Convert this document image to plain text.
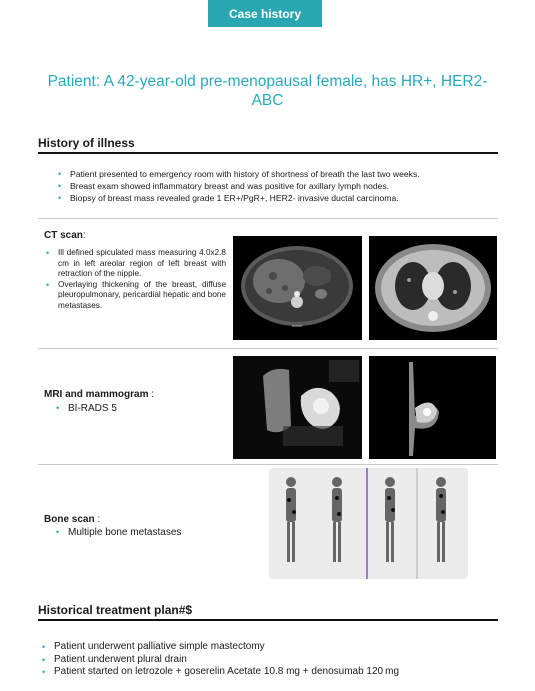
Case history
Patient: A 42-year-old pre-menopausal female, has HR+, HER2- ABC
History of illness
• Patient presented to emergency room with history of shortness of breath the last two weeks.
• Breast exam showed inflammatory breast and was positive for axillary lymph nodes.
• Biopsy of breast mass revealed grade 1 ER+/PgR+, HER2- invasive ductal carcinoma.
CT scan:
• Ill defined spiculated mass measuring 4.0x2.8 cm in left areolar region of left breast with retraction of the nipple.
• Overlaying thickening of the breast, diffuse pleuropulmonary, pericardial hepatic and bone metastases.
MRI and mammogram :
• BI-RADS 5
Bone scan :
• Multiple bone metastases
Historical treatment plan#$
• Patient underwent palliative simple mastectomy
• Patient underwent plural drain
• Patient started on letrozole + goserelin Acetate 10.8 mg + denosumab 120 mg
